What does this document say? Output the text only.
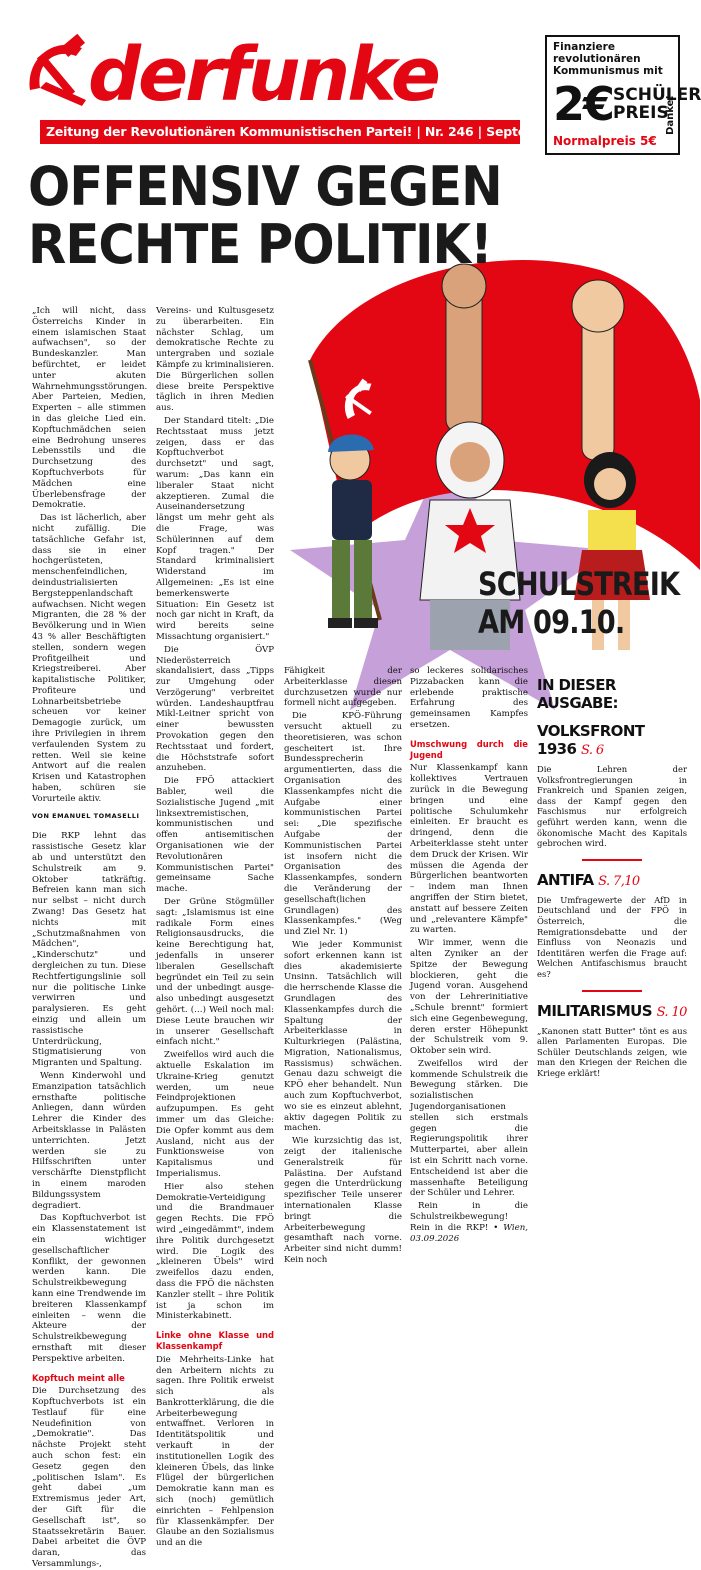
derfunke
Zeitung der Revolutionären Kommunistischen Partei! | Nr. 246 | September 2026
Finanziere revolutionären Kommunismus mit
2€ SCHÜLER
PREIS
Normalpreis 5€
Danke!
OFFENSIV GEGEN
RECHTE POLITIK!
SCHULSTREIK
AM 09.10.

„Ich will nicht, dass Österreichs Kinder in einem islamischen Staat aufwachsen", so der Bundeskanzler. Man befürchtet, er leidet unter akuten Wahrnehmungsstörungen. Aber Parteien, Medien, Experten – alle stimmen in das gleiche Lied ein. Kopftuchmädchen seien eine Bedrohung unseres Lebensstils und die Durchsetzung des Kopftuchverbots für Mädchen eine Überlebensfrage der Demokratie.

Das ist lächerlich, aber nicht zufällig. Die tatsächliche Gefahr ist, dass sie in einer hochgerüsteten, menschenfeindlichen, deindustrialisierten Bergsteppenlandschaft aufwachsen. Nicht wegen Migranten, die 28 % der Bevölkerung und in Wien 43 % aller Beschäftigten stellen, sondern wegen Profitgeilheit und Kriegstreiberei. Aber kapitalistische Politiker, Profiteure und Lohnarbeitsbetriebe scheuen vor keiner Demagogie zurück, um ihre Privilegien in ihrem verfaulenden System zu retten. Weil sie keine Antwort auf die realen Krisen und Katastrophen haben, schüren sie Vorurteile aktiv.

VON EMANUEL TOMASELLI

Die RKP lehnt das rassistische Gesetz klar ab und unterstützt den Schulstreik am 9. Oktober tatkräftig. Befreien kann man sich nur selbst – nicht durch Zwang! Das Gesetz hat nichts mit „Schutzmaßnahmen von Mädchen", „Kinderschutz" und dergleichen zu tun. Diese Rechtfertigungslinie soll nur die politische Linke verwirren und paralysieren. Es geht einzig und allein um rassistische Unterdrückung, Stigmatisierung von Migranten und Spaltung.

Wenn Kinderwohl und Emanzipation tatsächlich ernsthafte politische Anliegen, dann würden Lehrer die Kinder des Arbeitsklasse in Palästen unterrichten. Jetzt werden sie zu Hilfsschriften unter verschärfte Dienstpflicht in einem maroden Bildungssystem degradiert.

Das Kopftuchverbot ist ein Klassenstatement ist ein wichtiger gesellschaftlicher Konflikt, der gewonnen werden kann. Die Schulstreikbewegung kann eine Trendwende im breiteren Klassenkampf einleiten – wenn die Akteure der Schulstreikbewegung ernsthaft mit dieser Perspektive arbeiten.

Kopftuch meint alle

Die Durchsetzung des Kopftuchverbots ist ein Testlauf für eine Neudefinition von „Demokratie". Das nächste Projekt steht auch schon fest: ein Gesetz gegen den „politischen Islam". Es geht dabei „um Extremismus jeder Art, der Gift für die Gesellschaft ist", so Staatssekretärin Bauer. Dabei arbeitet die ÖVP daran, das Versammlungs-,

Vereins- und Kultusgesetz zu überarbeiten. Ein nächster Schlag, um demokratische Rechte zu untergraben und soziale Kämpfe zu kriminalisieren. Die Bürgerlichen sollen diese breite Perspektive täglich in ihren Medien aus.

Der Standard titelt: „Die Rechtsstaat muss jetzt zeigen, dass er das Kopftuchverbot durchsetzt" und sagt, warum: „Das kann ein liberaler Staat nicht akzeptieren. Zumal die Auseinandersetzung längst um mehr geht als die Frage, was Schülerinnen auf dem Kopf tragen." Der Standard kriminalisiert Widerstand im Allgemeinen: „Es ist eine bemerkenswerte Situation: Ein Gesetz ist noch gar nicht in Kraft, da wird bereits seine Missachtung organisiert."

Die ÖVP Niederösterreich skandalisiert, dass „Tipps zur Umgehung oder Verzögerung" verbreitet würden. Landeshauptfrau Mikl-Leitner spricht von einer bewussten Provokation gegen den Rechtsstaat und fordert, die Höchststrafe sofort anzuheben.

Die FPÖ attackiert Babler, weil die Sozialistische Jugend „mit linksextremistischen, kommunistischen und offen antisemitischen Organisationen wie der Revolutionären Kommunistischen Partei" gemeinsame Sache mache.

Der Grüne Stögmüller sagt: „Islamismus ist eine radikale Form eines Religionsausdrucks, die keine Berechtigung hat, jedenfalls in unserer liberalen Gesellschaft begründet ein Teil zu sein und der unbedingt ausge- also unbedingt ausgesetzt gehört. (…) Weil noch mal: Diese Leute brauchen wir in unserer Gesellschaft einfach nicht."

Zweifellos wird auch die aktuelle Eskalation im Ukraine-Krieg genutzt werden, um neue Feindprojektionen aufzupumpen. Es geht immer um das Gleiche: Die Opfer kommt aus dem Ausland, nicht aus der Funktionsweise von Kapitalismus und Imperialismus.

Hier also stehen Demokratie-Verteidigung und die Brandmauer gegen Rechts. Die FPÖ wird „eingedämmt", indem ihre Politik durchgesetzt wird. Die Logik des „kleineren Übels" wird zweifellos dazu enden, dass die FPÖ die nächsten Kanzler stellt – ihre Politik ist ja schon im Ministerkabinett.

Linke ohne Klasse und Klassenkampf

Die Mehrheits-Linke hat den Arbeitern nichts zu sagen. Ihre Politik erweist sich als Bankrotterklärung, die die Arbeiterbewegung entwaffnet. Verloren in Identitätspolitik und verkauft in der institutionellen Logik des kleineren Übels, das linke Flügel der bürgerlichen Demokratie kann man es sich (noch) gemütlich einrichten – Fehlpension für Klassenkämpfer. Der Glaube an den Sozialismus und an die

Fähigkeit der Arbeiterklasse diesen durchzusetzen wurde nur formell nicht aufgegeben.

Die KPÖ-Führung versucht aktuell zu theoretisieren, was schon gescheitert ist. Ihre Bundessprecherin argumentierten, dass die Organisation des Klassenkampfes nicht die Aufgabe einer kommunistischen Partei sei: „Die spezifische Aufgabe der Kommunistischen Partei ist insofern nicht die Organisation des Klassenkampfes, sondern die Veränderung der gesellschaft(lichen Grundlagen) des Klassenkampfes." (Weg und Ziel Nr. 1)

Wie jeder Kommunist sofort erkennen kann ist dies akademisierte Unsinn. Tatsächlich will die herrschende Klasse die Grundlagen des Klassenkampfes durch die Spaltung der Arbeiterklasse in Kulturkriegen (Palästina, Migration, Nationalismus, Rassismus) schwächen. Genau dazu schweigt die KPÖ eher behandelt. Nun auch zum Kopftuchverbot, wo sie es einzeut ablehnt, aktiv dagegen Politik zu machen.

Wie kurzsichtig das ist, zeigt der italienische Generalstreik für Palästina. Der Aufstand gegen die Unterdrückung spezifischer Teile unserer internationalen Klasse bringt die Arbeiterbewegung gesamthaft nach vorne. Arbeiter sind nicht dumm! Kein noch

so leckeres solidarisches Pizzabacken kann die erlebende praktische Erfahrung des gemeinsamen Kampfes ersetzen.

Umschwung durch die Jugend

Nur Klassenkampf kann kollektives Vertrauen zurück in die Bewegung bringen und eine politische Schulumkehr einleiten. Er braucht es dringend, denn die Arbeiterklasse steht unter dem Druck der Krisen. Wir müssen die Agenda der Bürgerlichen beantworten – indem man Ihnen angriffen der Stirn bietet, anstatt auf bessere Zeiten und „relevantere Kämpfe" zu warten.

Wir immer, wenn die alten Zyniker an der Spitze der Bewegung blockieren, geht die Jugend voran. Ausgehend von der Lehrerinitiative „Schule brennt" formiert sich eine Gegenbewegung, deren erster Höhepunkt der Schulstreik vom 9. Oktober sein wird.

Zweifellos wird der kommende Schulstreik die Bewegung stärken. Die sozialistischen Jugendorganisationen stellen sich erstmals gegen die Regierungspolitik ihrer Mutterpartei, aber allein ist ein Schritt nach vorne. Entscheidend ist aber die massenhafte Beteiligung der Schüler und Lehrer.

Rein in die Schulstreikbewegung! Rein in die RKP! • Wien, 03.09.2026

IN DIESER AUSGABE:
VOLKSFRONT 1936 S. 6
Die Lehren der Volksfrontregierungen in Frankreich und Spanien zeigen, dass der Kampf gegen den Faschismus nur erfolgreich geführt werden kann, wenn die ökonomische Macht des Kapitals gebrochen wird.
ANTIFA S. 7,10
Die Umfragewerte der AfD in Deutschland und der FPÖ in Österreich, die Remigrationsdebatte und der Einfluss von Neonazis und Identitären werfen die Frage auf: Welchen Antifaschismus braucht es?
MILITARISMUS S. 10
„Kanonen statt Butter" tönt es aus allen Parlamenten Europas. Die Schüler Deutschlands zeigen, wie man den Kriegen der Reichen die Kriege erklärt!
